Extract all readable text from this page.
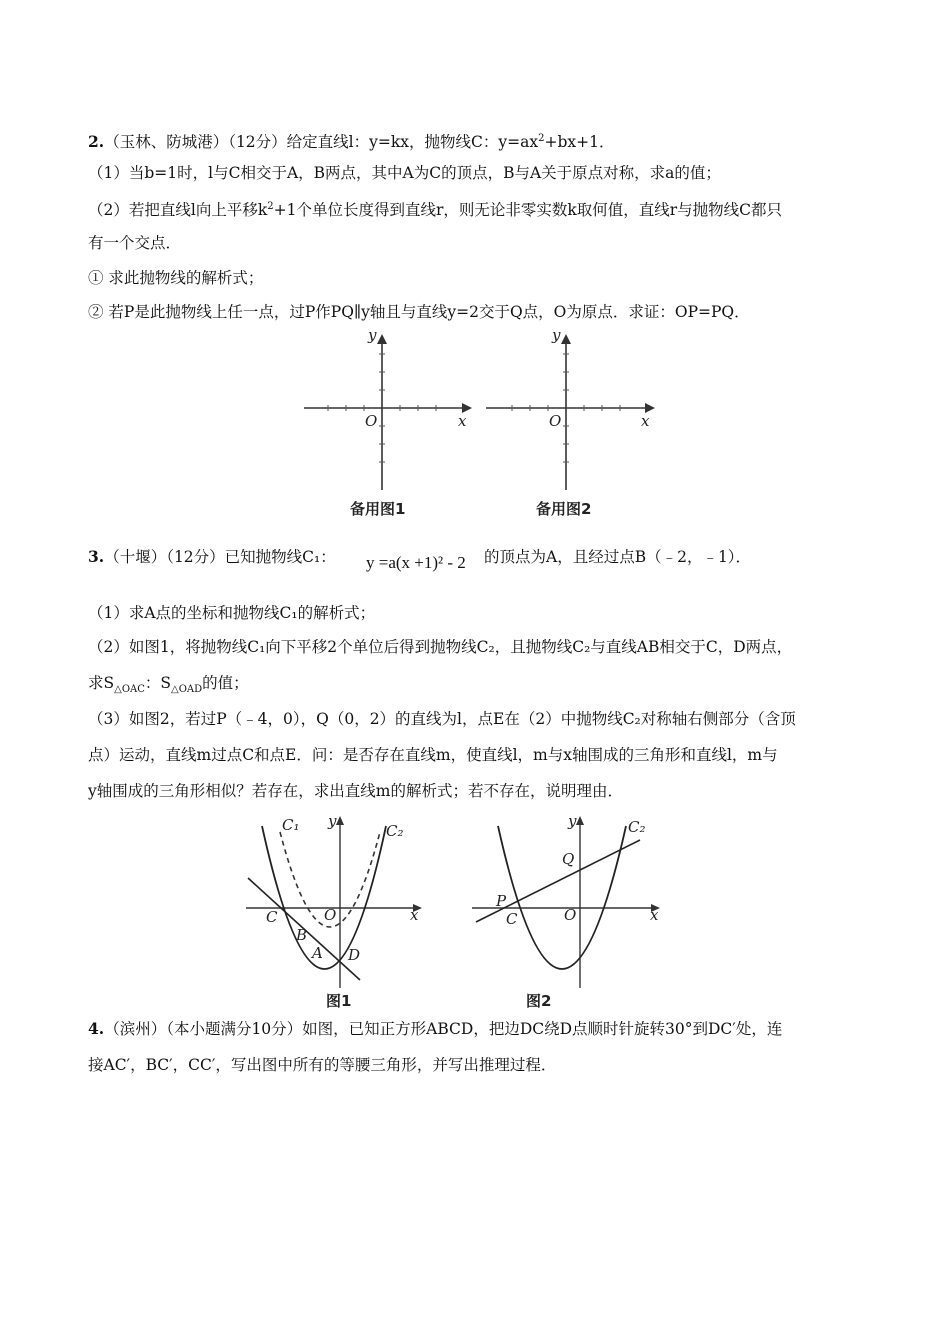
2.（玉林、防城港）（12分）给定直线l：y=kx，抛物线C：$y=ax^2+bx+1$．
（1）当b=1时，l与C相交于A，B两点，其中A为C的顶点，B与A关于原点对称，求a的值；
（2）若把直线l向上平移$k^2+1$个单位长度得到直线r，则无论非零实数k取何值，直线r与抛物线C都只
有一个交点．
① 求此抛物线的解析式；
② 若P是此抛物线上任一点，过P作PQ∥y轴且与直线y=2交于Q点，O为原点．求证：OP=PQ．
y
x
O
备用图1
y
x
O
备用图2
3.（十堰）（12分）已知抛物线C₁： y =a(x +1)² - 2 的顶点为A，且经过点B（﹣2，﹣1）．
（1）求A点的坐标和抛物线C₁的解析式；
（2）如图1，将抛物线C₁向下平移2个单位后得到抛物线C₂，且抛物线C₂与直线AB相交于C，D两点，
求$S_{\triangle OAC}$：$S_{\triangle OAD}$的值；
（3）如图2，若过P（﹣4，0），Q（0，2）的直线为l，点E在（2）中抛物线C₂对称轴右侧部分（含顶
点）运动，直线m过点C和点E．问：是否存在直线m，使直线l，m与x轴围成的三角形和直线l，m与
y轴围成的三角形相似？若存在，求出直线m的解析式；若不存在，说明理由．
C₁	C₂
C	O
B
A D
x
y
图1
C₂
Q
P
C	O	x
y
图2
4.（滨州）（本小题满分10分）如图，已知正方形ABCD，把边DC绕D点顺时针旋转30°到DC′处，连
接AC′，BC′，CC′，写出图中所有的等腰三角形，并写出推理过程．
